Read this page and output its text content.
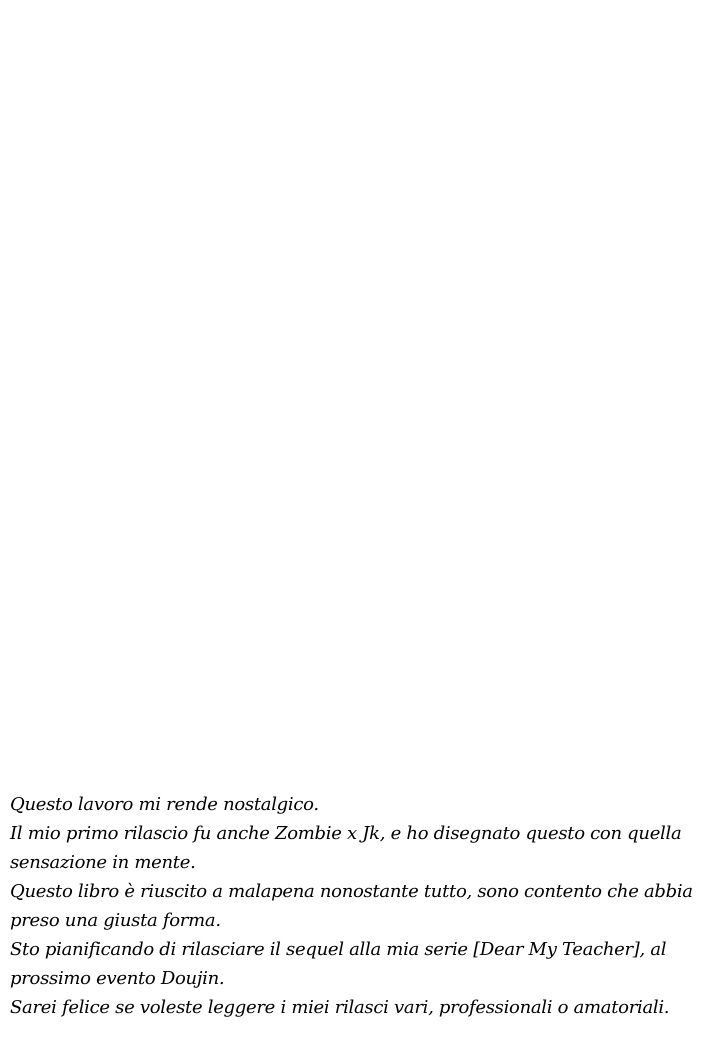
Questo lavoro mi rende nostalgico.

Il mio primo rilascio fu anche Zombie x Jk, e ho disegnato questo con quella sensazione in mente.

Questo libro è riuscito a malapena nonostante tutto, sono contento che abbia preso una giusta forma.

Sto pianificando di rilasciare il sequel alla mia serie [Dear My Teacher], al prossimo evento Doujin.

Sarei felice se voleste leggere i miei rilasci vari, professionali o amatoriali.
